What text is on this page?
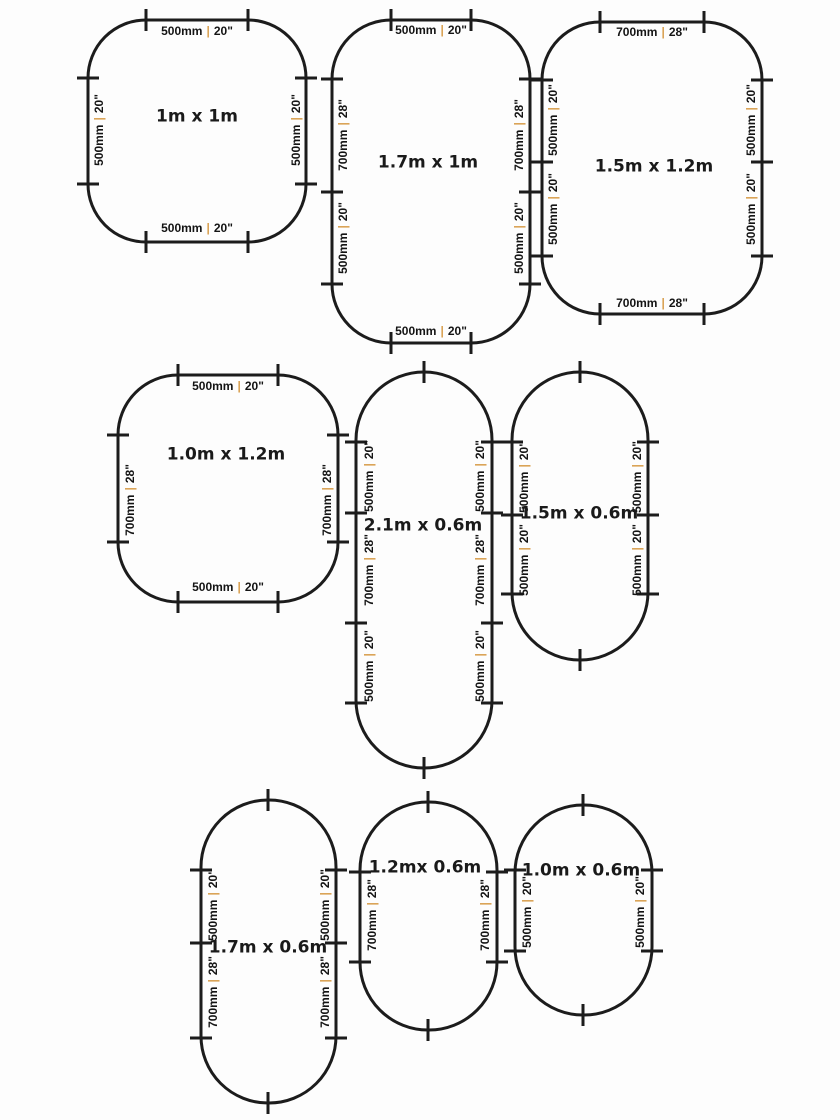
500mm | 20"
500mm | 20"
500mm|20"
500mm|20"
1m x 1m
500mm | 20"
500mm | 20"
700mm|28"
500mm|20"
700mm|28"
500mm|20"
1.7m x 1m
700mm | 28"
700mm | 28"
500mm|20"
500mm|20"
500mm|20"
500mm|20"
1.5m x 1.2m
500mm | 20"
500mm | 20"
700mm|28"
700mm|28"
1.0m x 1.2m
500mm|20"
700mm|28"
500mm|20"
500mm|20"
700mm|28"
500mm|20"
2.1m x 0.6m
500mm|20"
500mm|20"
500mm|20"
500mm|20"
1.5m x 0.6m
500mm|20"
700mm|28"
500mm|20"
700mm|28"
1.7m x 0.6m	700mm|28"
700mm|28"
1.2mx 0.6m
500mm|20"
500mm|20"
1.0m x 0.6m
